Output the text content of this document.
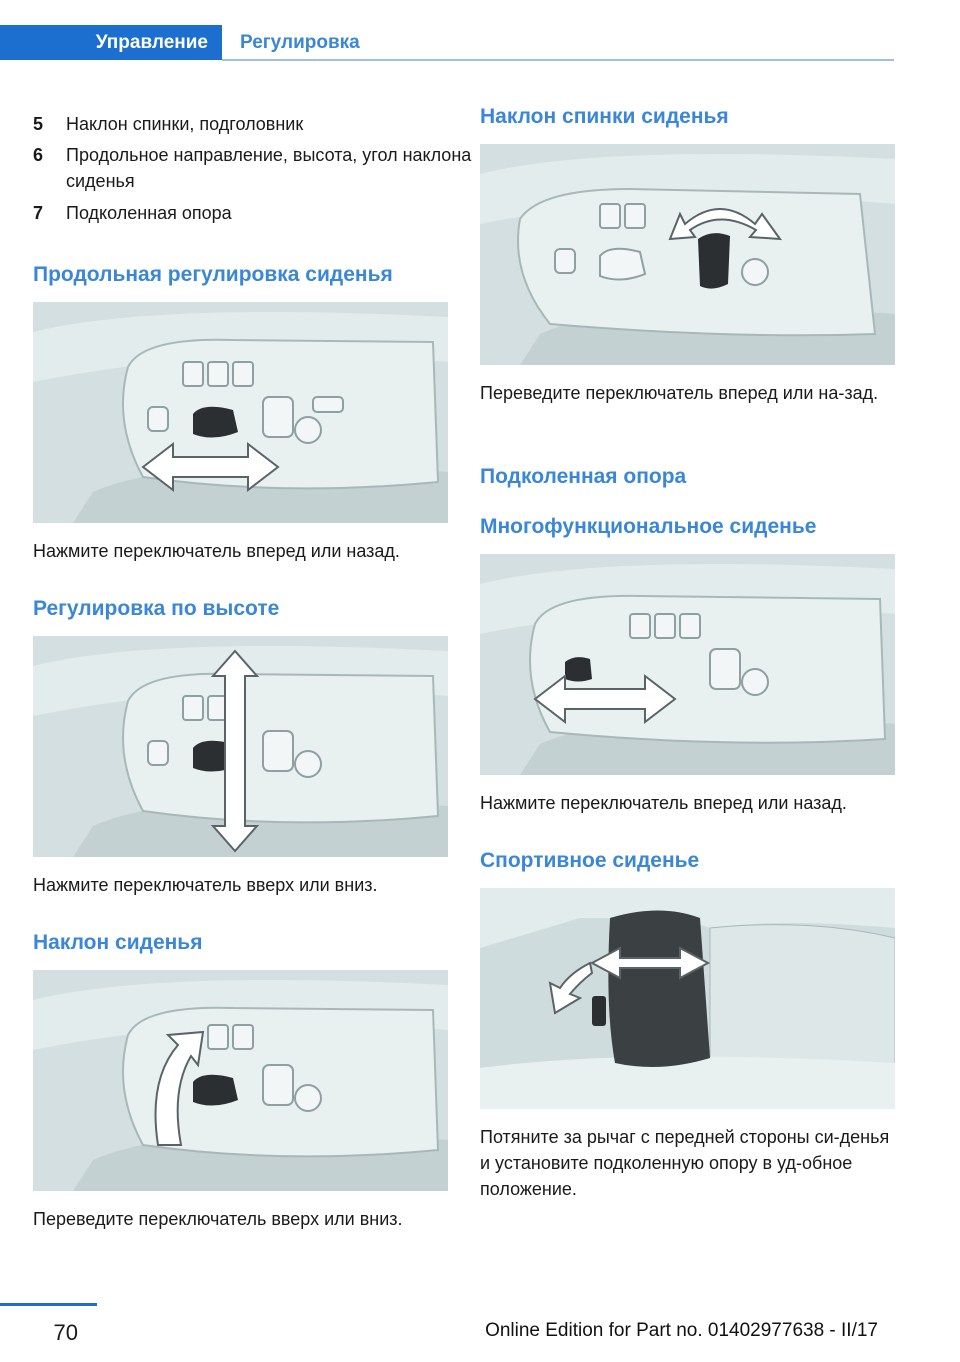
Управление Регулировка
5	Наклон спинки, подголовник
6	Продольное направление, высота, угол наклона сиденья
7	Подколенная опора
Продольная регулировка сиденья
Нажмите переключатель вперед или назад.
Регулировка по высоте
Нажмите переключатель вверх или вниз.
Наклон сиденья
Переведите переключатель вверх или вниз.
Наклон спинки сиденья
Переведите переключатель вперед или на-зад.
Подколенная опора
Многофункциональное сиденье
Нажмите переключатель вперед или назад.
Спортивное сиденье
Потяните за рычаг с передней стороны си-денья и установите подколенную опору в уд-обное положение.
70	Online Edition for Part no. 01402977638 - II/17
